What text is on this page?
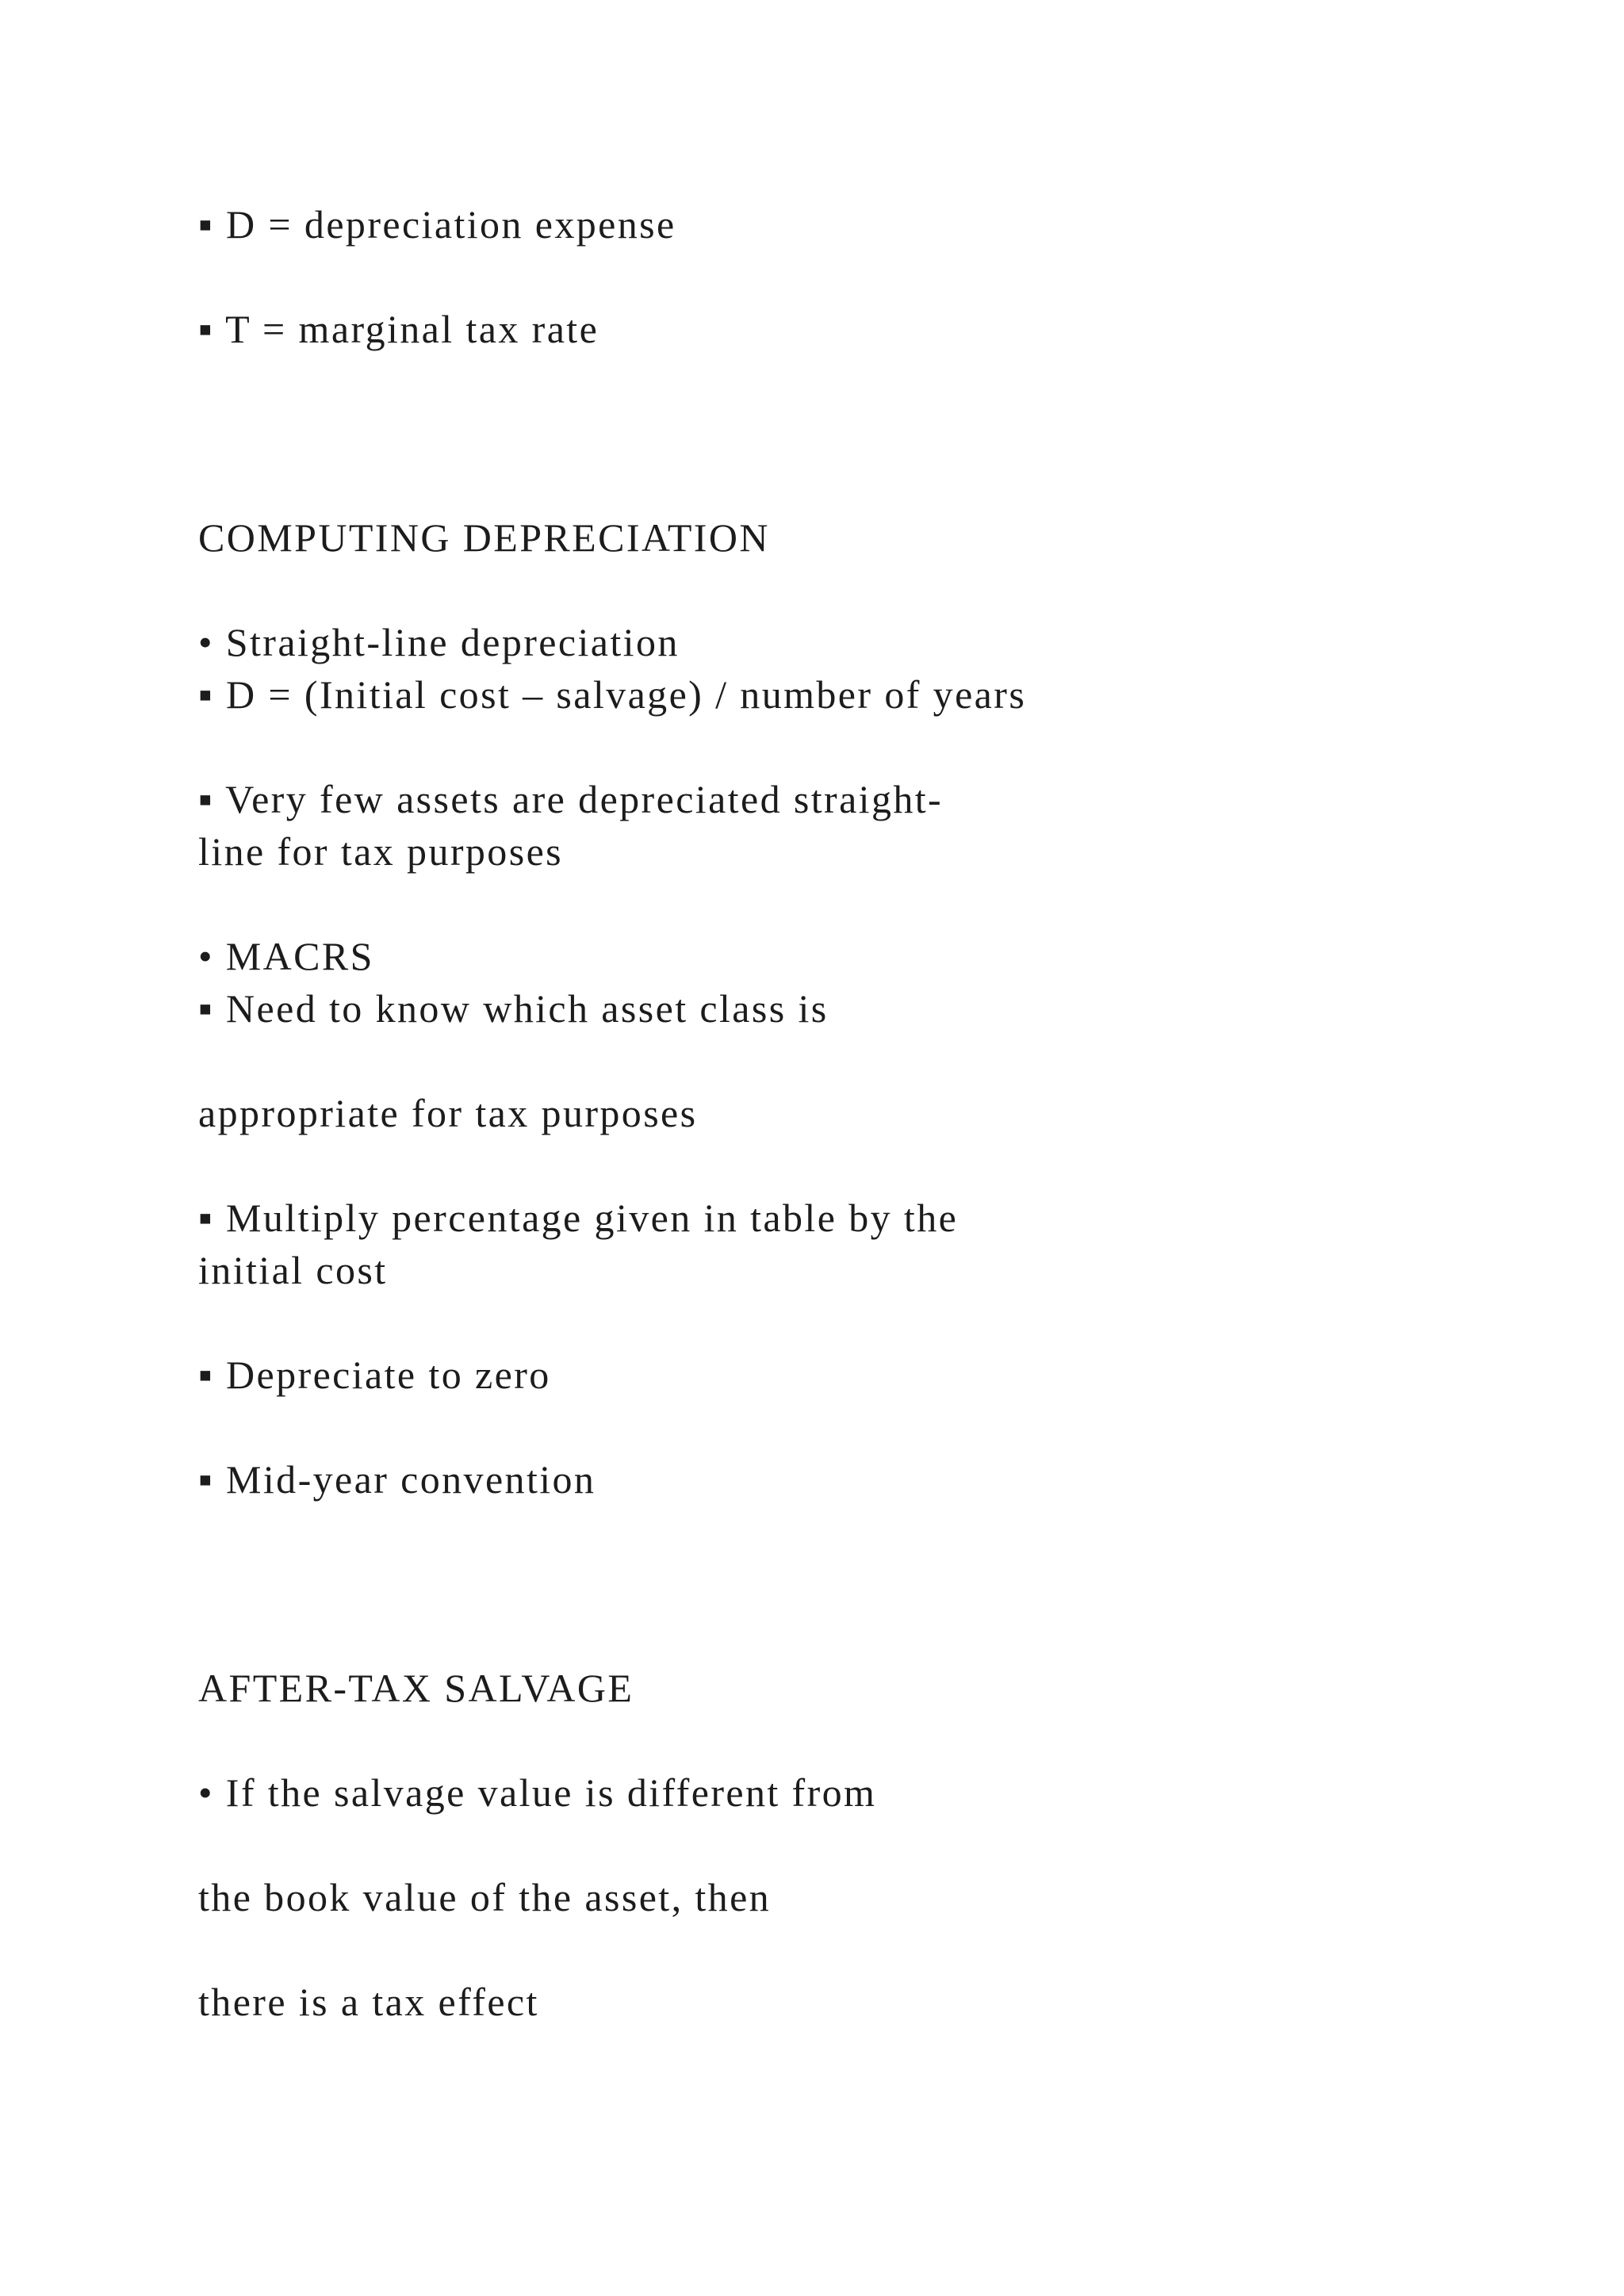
▪ D = depreciation expense

▪ T = marginal tax rate

COMPUTING DEPRECIATION

• Straight-line depreciation

▪ D = (Initial cost – salvage) / number of years

▪ Very few assets are depreciated straight-

line for tax purposes

• MACRS

▪ Need to know which asset class is

appropriate for tax purposes

▪ Multiply percentage given in table by the

initial cost

▪ Depreciate to zero

▪ Mid-year convention

AFTER-TAX SALVAGE

• If the salvage value is different from

the book value of the asset, then

there is a tax effect
